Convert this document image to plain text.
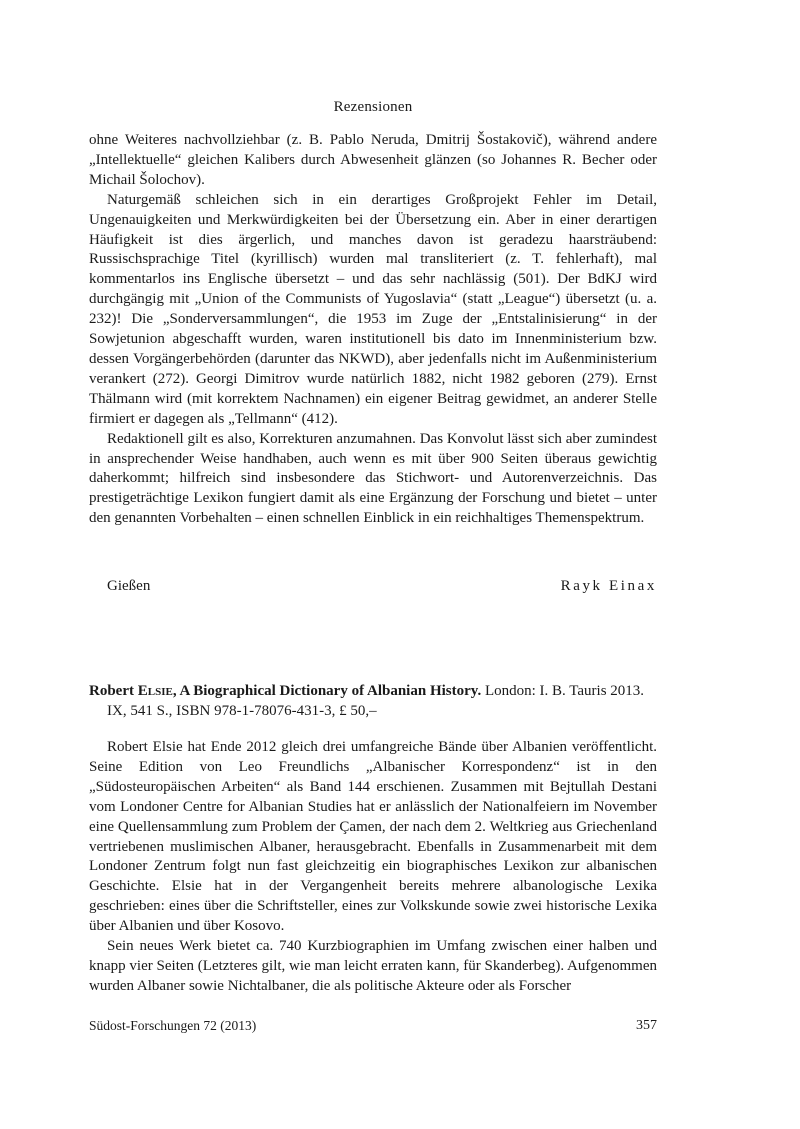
Rezensionen

ohne Weiteres nachvollziehbar (z. B. Pablo Neruda, Dmitrij Šostakovič), während andere „Intellektuelle“ gleichen Kalibers durch Abwesenheit glänzen (so Johannes R. Becher oder Michail Šolochov).

Naturgemäß schleichen sich in ein derartiges Großprojekt Fehler im Detail, Ungenauigkeiten und Merkwürdigkeiten bei der Übersetzung ein. Aber in einer derartigen Häufigkeit ist dies ärgerlich, und manches davon ist geradezu haarsträubend: Russischsprachige Titel (kyrillisch) wurden mal transliteriert (z. T. fehlerhaft), mal kommentarlos ins Englische übersetzt – und das sehr nachlässig (501). Der BdKJ wird durchgängig mit „Union of the Communists of Yugoslavia“ (statt „League“) übersetzt (u. a. 232)! Die „Sonderversammlungen“, die 1953 im Zuge der „Entstalinisierung“ in der Sowjetunion abgeschafft wurden, waren institutionell bis dato im Innenministerium bzw. dessen Vorgängerbehörden (darunter das NKWD), aber jedenfalls nicht im Außenministerium verankert (272). Georgi Dimitrov wurde natürlich 1882, nicht 1982 geboren (279). Ernst Thälmann wird (mit korrektem Nachnamen) ein eigener Beitrag gewidmet, an anderer Stelle firmiert er dagegen als „Tellmann“ (412).

Redaktionell gilt es also, Korrekturen anzumahnen. Das Konvolut lässt sich aber zumindest in ansprechender Weise handhaben, auch wenn es mit über 900 Seiten überaus gewichtig daherkommt; hilfreich sind insbesondere das Stichwort- und Autorenverzeichnis. Das prestigeträchtige Lexikon fungiert damit als eine Ergänzung der Forschung und bietet – unter den genannten Vorbehalten – einen schnellen Einblick in ein reichhaltiges Themenspektrum.

Gießen	Rayk Einax
Robert Elsie, A Biographical Dictionary of Albanian History. London: I. B. Tauris 2013.
IX, 541 S., ISBN 978-1-78076-431-3, £ 50,–

Robert Elsie hat Ende 2012 gleich drei umfangreiche Bände über Albanien veröffentlicht. Seine Edition von Leo Freundlichs „Albanischer Korrespondenz“ ist in den „Südosteuropäischen Arbeiten“ als Band 144 erschienen. Zusammen mit Bejtullah Destani vom Londoner Centre for Albanian Studies hat er anlässlich der Nationalfeiern im November eine Quellensammlung zum Problem der Çamen, der nach dem 2. Weltkrieg aus Griechenland vertriebenen muslimischen Albaner, herausgebracht. Ebenfalls in Zusammenarbeit mit dem Londoner Zentrum folgt nun fast gleichzeitig ein biographisches Lexikon zur albanischen Geschichte. Elsie hat in der Vergangenheit bereits mehrere albanologische Lexika geschrieben: eines über die Schriftsteller, eines zur Volkskunde sowie zwei historische Lexika über Albanien und über Kosovo.

Sein neues Werk bietet ca. 740 Kurzbiographien im Umfang zwischen einer halben und knapp vier Seiten (Letzteres gilt, wie man leicht erraten kann, für Skanderbeg). Aufgenommen wurden Albaner sowie Nichtalbaner, die als politische Akteure oder als Forscher

Südost-Forschungen 72 (2013)	357
